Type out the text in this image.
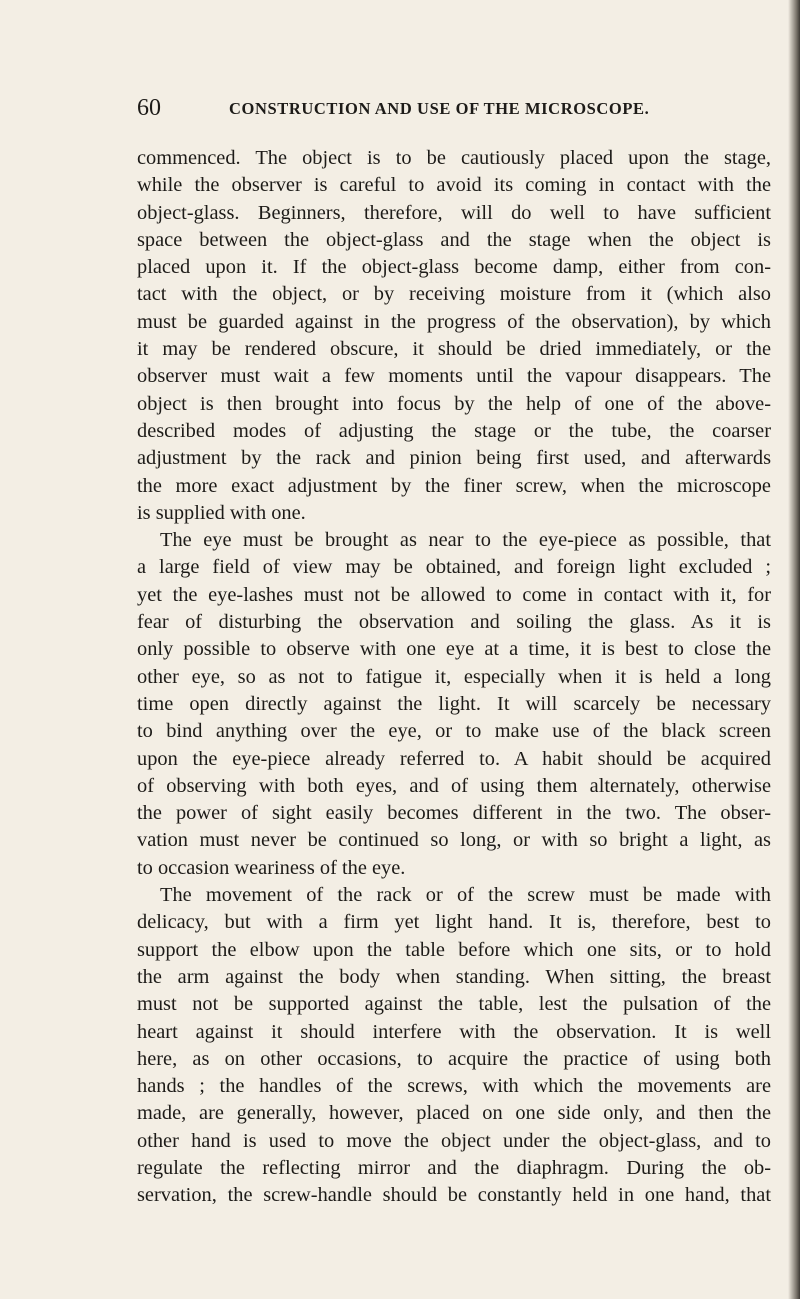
60	CONSTRUCTION AND USE OF THE MICROSCOPE.

commenced. The object is to be cautiously placed upon the stage,

while the observer is careful to avoid its coming in contact with the

object-glass. Beginners, therefore, will do well to have sufficient

space between the object-glass and the stage when the object is

placed upon it. If the object-glass become damp, either from con-

tact with the object, or by receiving moisture from it (which also

must be guarded against in the progress of the observation), by which

it may be rendered obscure, it should be dried immediately, or the

observer must wait a few moments until the vapour disappears. The

object is then brought into focus by the help of one of the above-

described modes of adjusting the stage or the tube, the coarser

adjustment by the rack and pinion being first used, and afterwards

the more exact adjustment by the finer screw, when the microscope

is supplied with one.

The eye must be brought as near to the eye-piece as possible, that

a large field of view may be obtained, and foreign light excluded ;

yet the eye-lashes must not be allowed to come in contact with it, for

fear of disturbing the observation and soiling the glass. As it is

only possible to observe with one eye at a time, it is best to close the

other eye, so as not to fatigue it, especially when it is held a long

time open directly against the light. It will scarcely be necessary

to bind anything over the eye, or to make use of the black screen

upon the eye-piece already referred to. A habit should be acquired

of observing with both eyes, and of using them alternately, otherwise

the power of sight easily becomes different in the two. The obser-

vation must never be continued so long, or with so bright a light, as

to occasion weariness of the eye.

The movement of the rack or of the screw must be made with

delicacy, but with a firm yet light hand. It is, therefore, best to

support the elbow upon the table before which one sits, or to hold

the arm against the body when standing. When sitting, the breast

must not be supported against the table, lest the pulsation of the

heart against it should interfere with the observation. It is well

here, as on other occasions, to acquire the practice of using both

hands ; the handles of the screws, with which the movements are

made, are generally, however, placed on one side only, and then the

other hand is used to move the object under the object-glass, and to

regulate the reflecting mirror and the diaphragm. During the ob-

servation, the screw-handle should be constantly held in one hand, that
